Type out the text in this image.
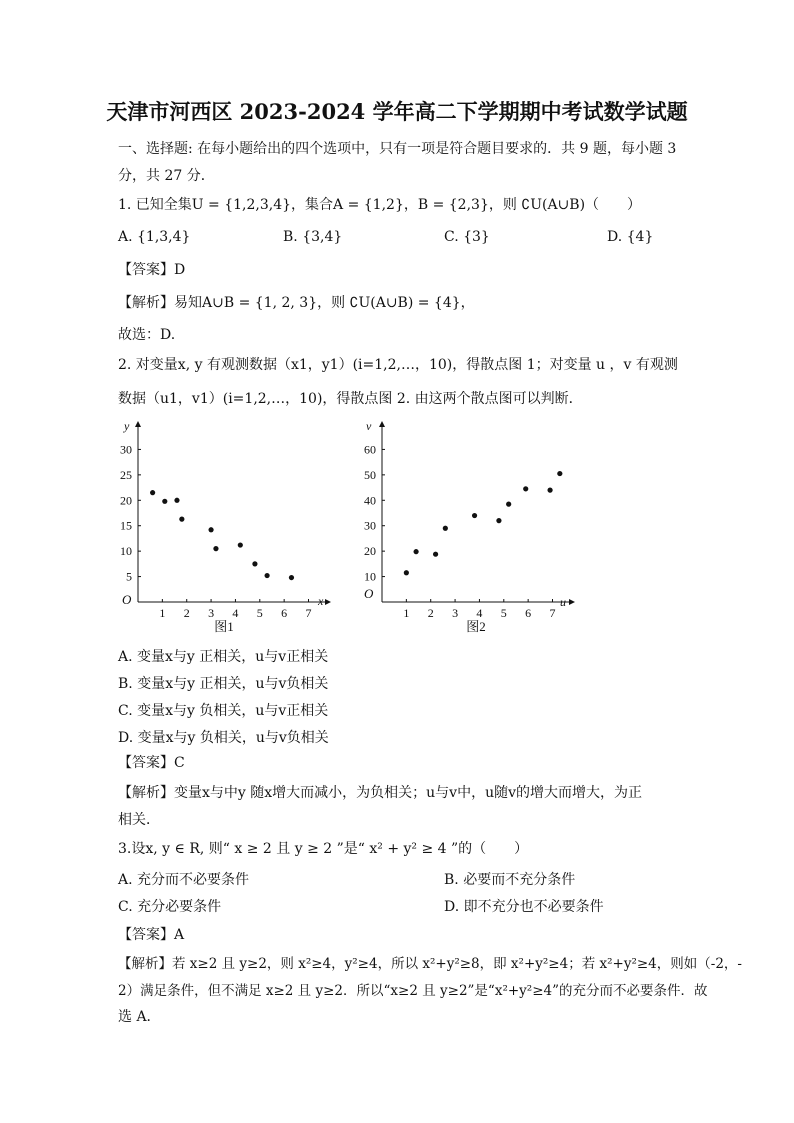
天津市河西区 2023-2024 学年高二下学期期中考试数学试题
一、选择题: 在每小题给出的四个选项中，只有一项是符合题目要求的．共 9 题，每小题 3
分，共 27 分．
1. 已知全集U = {1,2,3,4}，集合A = {1,2}，B = {2,3}，则 ∁U(A∪B)（　　）
A. {1,3,4}	B. {3,4}	C. {3}	D. {4}
【答案】D
【解析】易知A∪B = {1, 2, 3}，则 ∁U(A∪B) = {4}，
故选：D.
2. 对变量x, y 有观测数据（x1，y1）(i=1,2,…，10)，得散点图 1；对变量 u ，v 有观测
数据（u1，v1）(i=1,2,…，10)，得散点图 2. 由这两个散点图可以判断．
1 2 3 4 5 6 7
5
10
15
20
25
30
x
y
O
图1
1 2 3 4 5 6 7
10
20
30
40
50
60
u
v
O
图2
A. 变量x与y 正相关，u与v正相关
B. 变量x与y 正相关，u与v负相关
C. 变量x与y 负相关，u与v正相关
D. 变量x与y 负相关，u与v负相关
【答案】C
【解析】变量x与中y 随x增大而减小，为负相关；u与v中，u随v的增大而增大，为正
相关．
3.设x, y ∈ R, 则“ x ≥ 2 且 y ≥ 2 ”是“ x² + y² ≥ 4 ”的（　　）
A. 充分而不必要条件	B. 必要而不充分条件
C. 充分必要条件	D. 即不充分也不必要条件
【答案】A
【解析】若 x≥2 且 y≥2，则 x²≥4，y²≥4，所以 x²+y²≥8，即 x²+y²≥4；若 x²+y²≥4，则如（-2，-
2）满足条件，但不满足 x≥2 且 y≥2．所以“x≥2 且 y≥2”是“x²+y²≥4”的充分而不必要条件．故
选 A．
